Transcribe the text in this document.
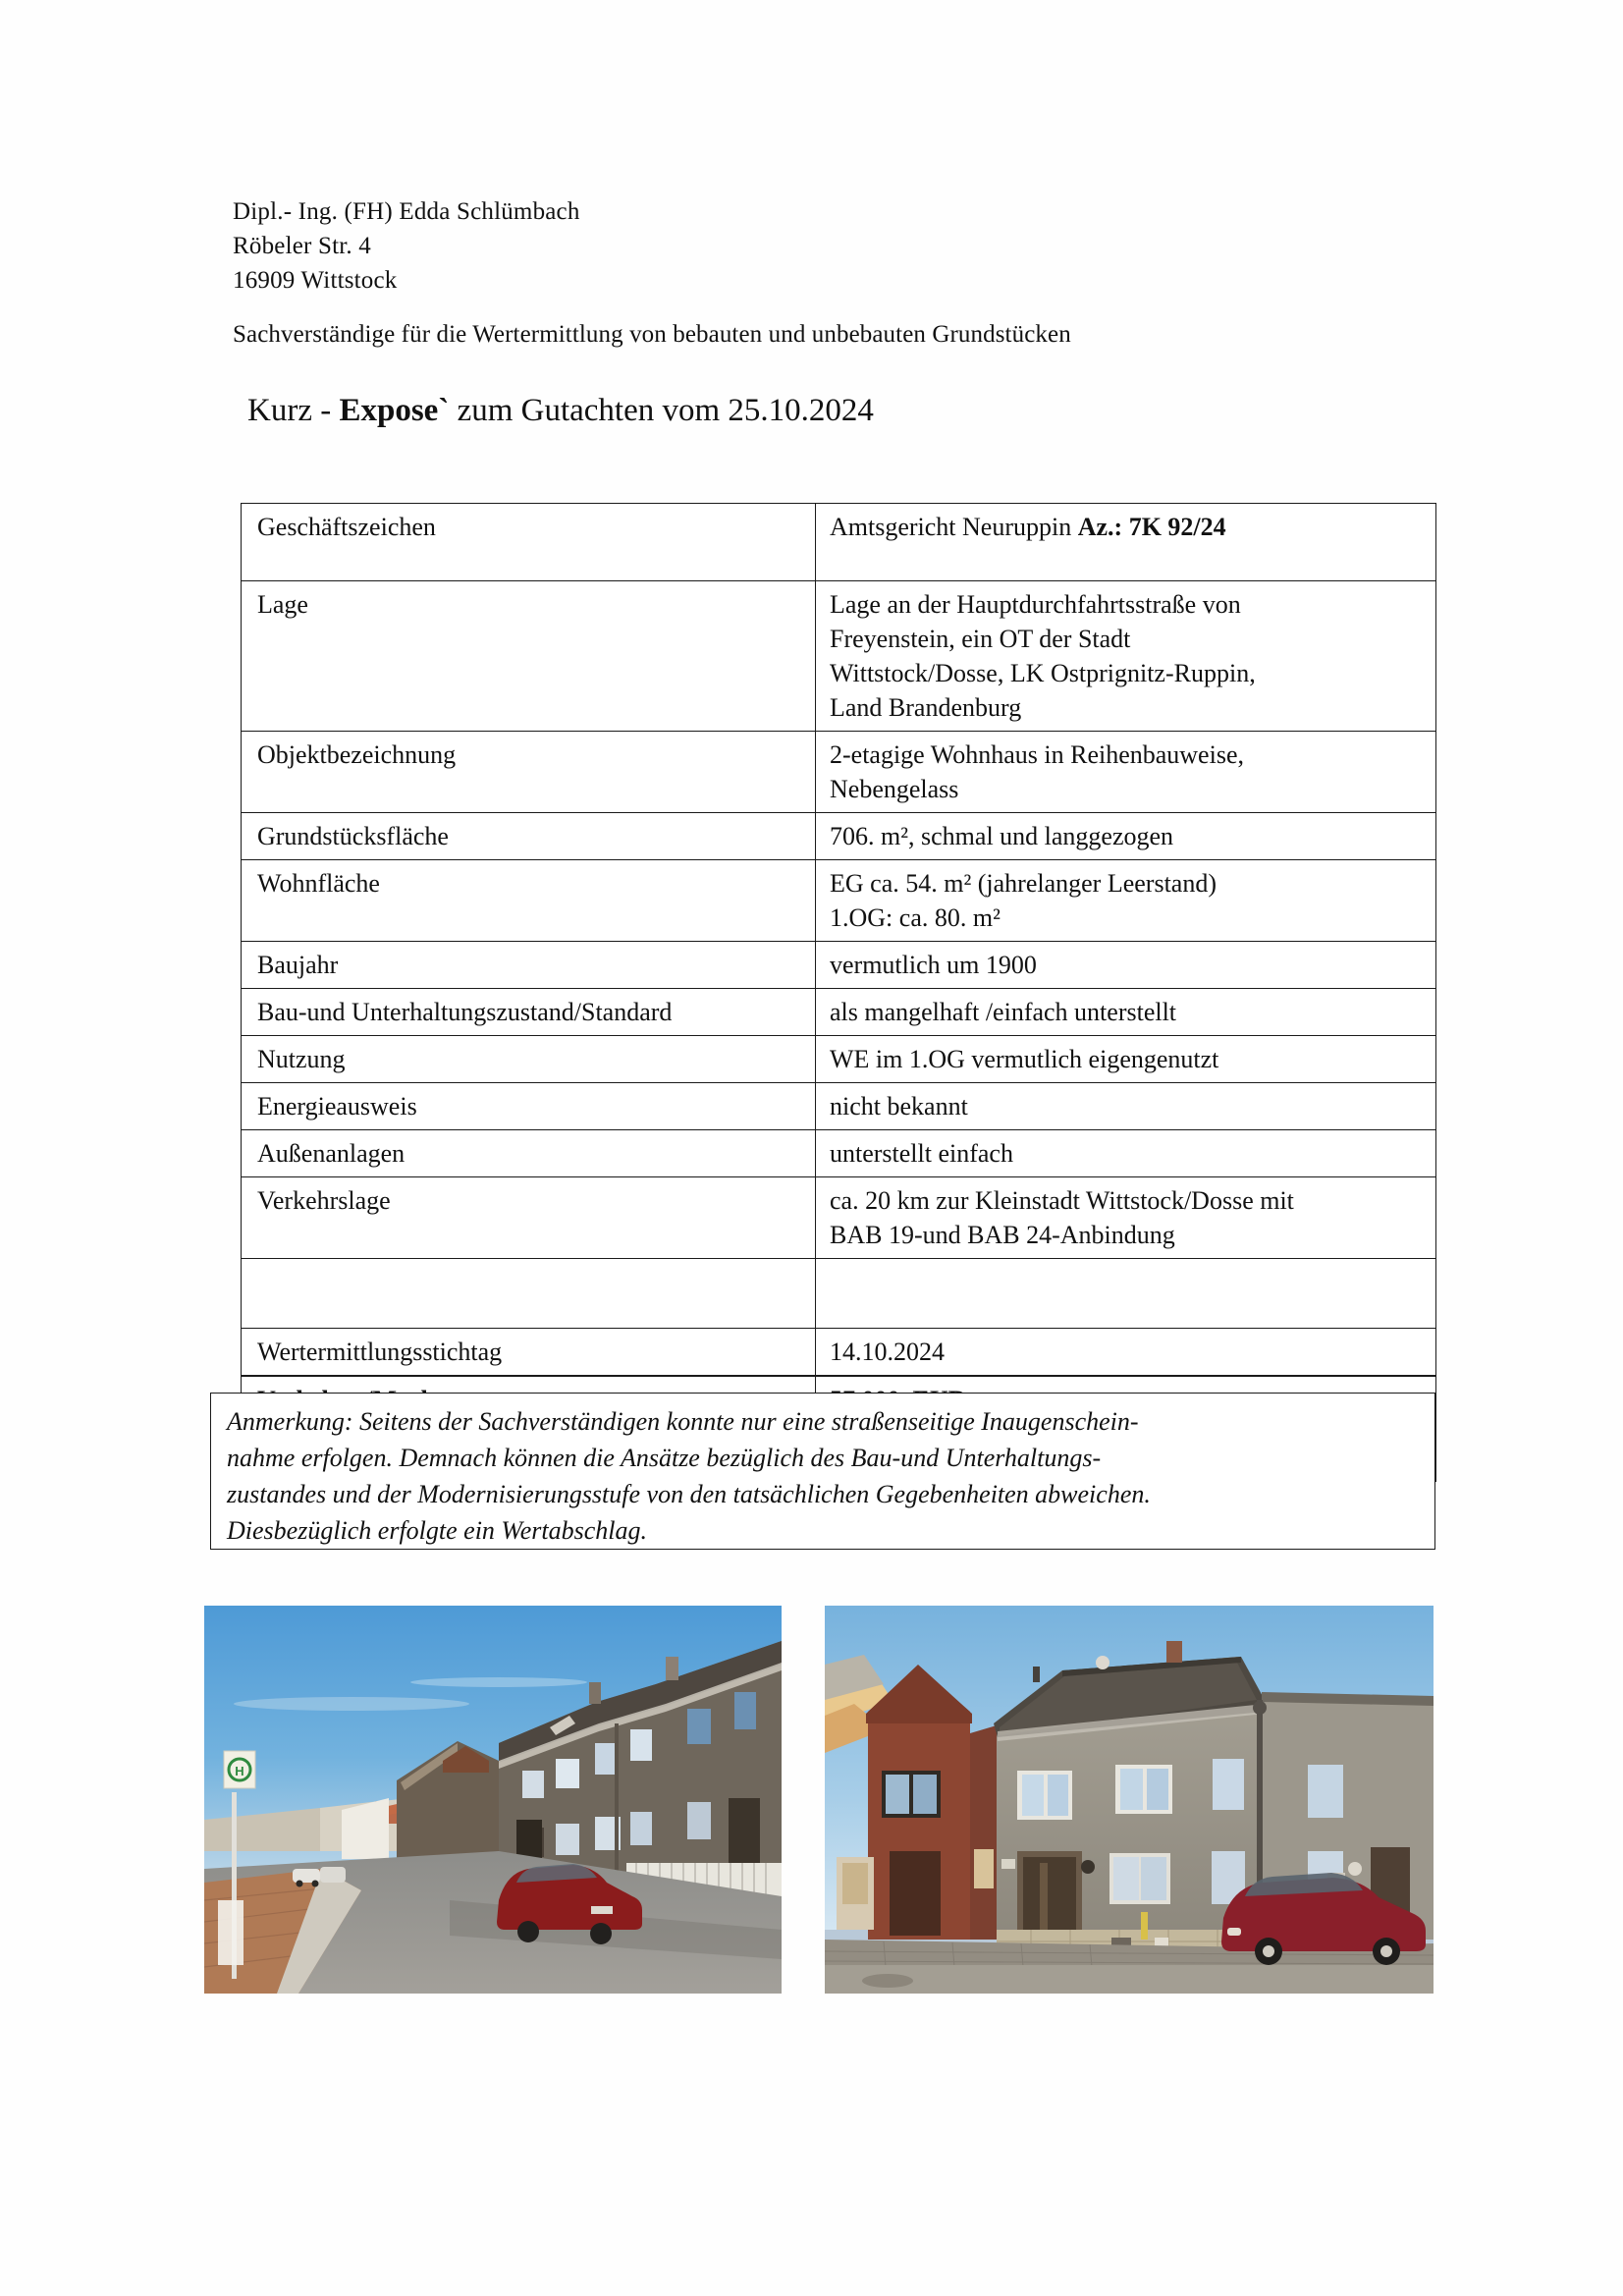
Dipl.- Ing. (FH) Edda Schlümbach
Röbeler Str. 4
16909 Wittstock
Sachverständige für die Wertermittlung von bebauten und unbebauten Grundstücken
Kurz - Expose` zum Gutachten vom 25.10.2024
Geschäftszeichen	Amtsgericht Neuruppin Az.: 7K 92/24
Lage	Lage an der Hauptdurchfahrtsstraße von
Freyenstein, ein OT der Stadt
Wittstock/Dosse, LK Ostprignitz-Ruppin,
Land Brandenburg

Objektbezeichnung	2-etagige Wohnhaus in Reihenbauweise,
Nebengelass

Grundstücksfläche	706. m², schmal und langgezogen

Wohnfläche	EG ca. 54. m² (jahrelanger Leerstand)
1.OG: ca. 80. m²

Baujahr	vermutlich um 1900

Bau-und Unterhaltungszustand/Standard	als mangelhaft /einfach unterstellt

Nutzung	WE im 1.OG vermutlich eigengenutzt

Energieausweis	nicht bekannt

Außenanlagen	unterstellt einfach

Verkehrslage	ca. 20 km zur Kleinstadt Wittstock/Dosse mit
BAB 19-und BAB 24-Anbindung

Wertermittlungsstichtag	14.10.2024

Anmerkung: Seitens der Sachverständigen konnte nur eine straßenseitige Inaugenschein-
nahme erfolgen. Demnach können die Ansätze bezüglich des Bau-und Unterhaltungs-
zustandes und der Modernisierungsstufe von den tatsächlichen Gegebenheiten abweichen.
Diesbezüglich erfolgte ein Wertabschlag.
H
